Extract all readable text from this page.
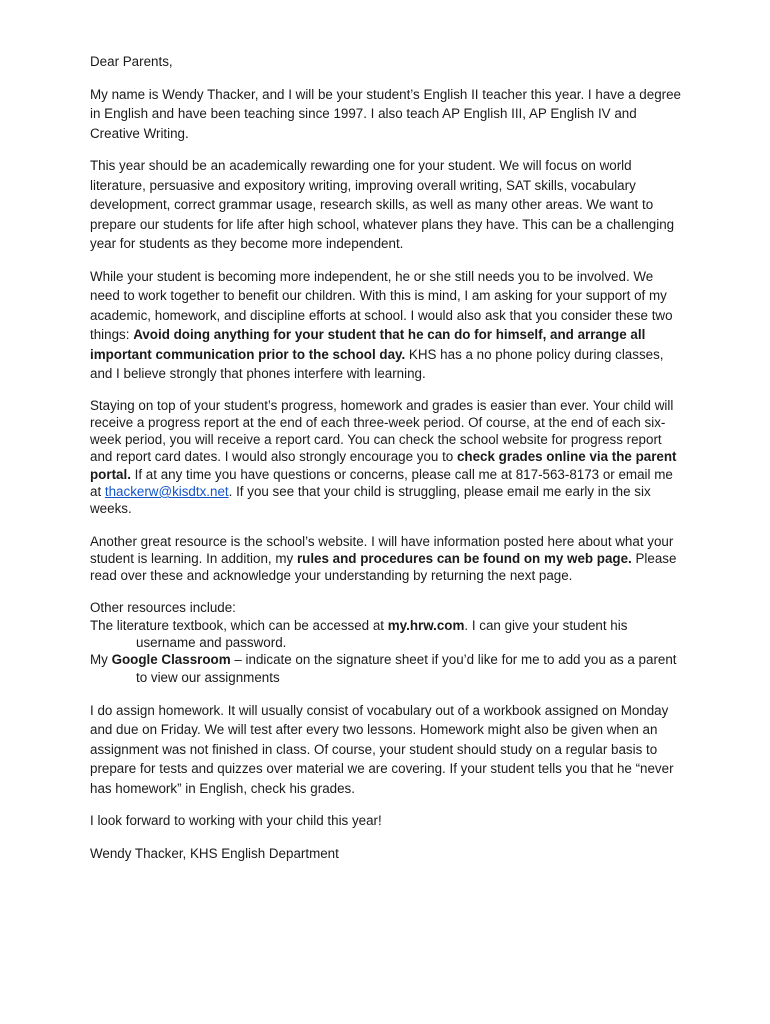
Dear Parents,

My name is Wendy Thacker, and I will be your student’s English II teacher this year. I have a degree in English and have been teaching since 1997. I also teach AP English III, AP English IV and Creative Writing.

This year should be an academically rewarding one for your student. We will focus on world literature, persuasive and expository writing, improving overall writing, SAT skills, vocabulary development, correct grammar usage, research skills, as well as many other areas. We want to prepare our students for life after high school, whatever plans they have. This can be a challenging year for students as they become more independent.

While your student is becoming more independent, he or she still needs you to be involved. We need to work together to benefit our children. With this is mind, I am asking for your support of my academic, homework, and discipline efforts at school. I would also ask that you consider these two things: Avoid doing anything for your student that he can do for himself, and arrange all important communication prior to the school day. KHS has a no phone policy during classes, and I believe strongly that phones interfere with learning.

Staying on top of your student’s progress, homework and grades is easier than ever. Your child will receive a progress report at the end of each three-week period. Of course, at the end of each six-week period, you will receive a report card. You can check the school website for progress report and report card dates. I would also strongly encourage you to check grades online via the parent portal. If at any time you have questions or concerns, please call me at 817-563-8173 or email me at thackerw@kisdtx.net. If you see that your child is struggling, please email me early in the six weeks.

Another great resource is the school’s website. I will have information posted here about what your student is learning. In addition, my rules and procedures can be found on my web page. Please read over these and acknowledge your understanding by returning the next page.

Other resources include:

The literature textbook, which can be accessed at my.hrw.com. I can give your student his username and password.

My Google Classroom – indicate on the signature sheet if you’d like for me to add you as a parent to view our assignments

I do assign homework. It will usually consist of vocabulary out of a workbook assigned on Monday and due on Friday. We will test after every two lessons. Homework might also be given when an assignment was not finished in class. Of course, your student should study on a regular basis to prepare for tests and quizzes over material we are covering. If your student tells you that he “never has homework” in English, check his grades.

I look forward to working with your child this year!

Wendy Thacker, KHS English Department
